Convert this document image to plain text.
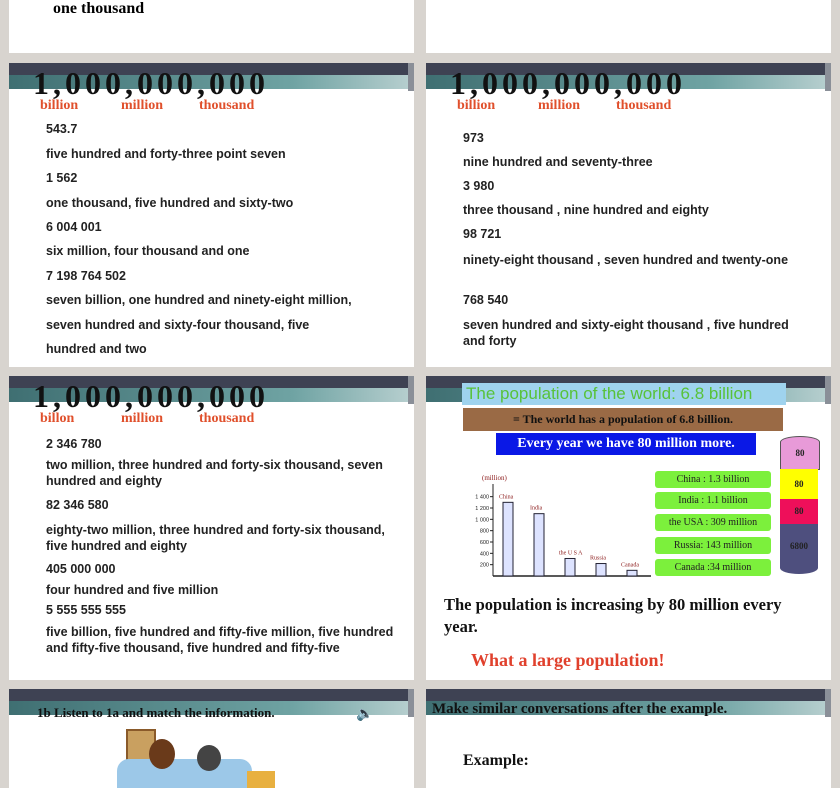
one thousand
1,000,000,000
billion	million	thousand
543.7
five hundred and forty-three point seven
1 562
one thousand, five hundred and sixty-two
6 004 001
six million, four thousand and one
7 198 764 502
seven billion, one hundred and ninety-eight million,
seven hundred and sixty-four thousand, five
hundred and two
1,000,000,000
billion	million	thousand
973
nine hundred and seventy-three
3 980
three thousand , nine hundred and eighty
98 721
ninety-eight thousand , seven hundred and twenty-one
768 540
seven hundred and sixty-eight thousand , five hundred and forty
1,000,000,000
billon	million	thousand
2 346 780
two million, three hundred and forty-six thousand, seven hundred and eighty
82 346 580
eighty-two million, three hundred and forty-six thousand, five hundred and eighty
405 000 000
four hundred and five million
5 555 555 555
five billion, five hundred and fifty-five million, five hundred and fifty-five thousand, five hundred and fifty-five
The population of the world: 6.8 billion
= The world has a population of 6.8 billion.
Every year we have 80 million more.
(million)
200
400
600
800
1 000
1 200
1 400 China
India
the U S A
Russia
Canada
China : 1.3 billion
India : 1.1 billion
the USA : 309 million
Russia: 143 million
Canada :34 million
80
80
80
6800
The population is increasing by 80 million every year.
What a large population!
1b Listen to 1a and match the information.	🔈	Make similar conversations after the example.
Example:
